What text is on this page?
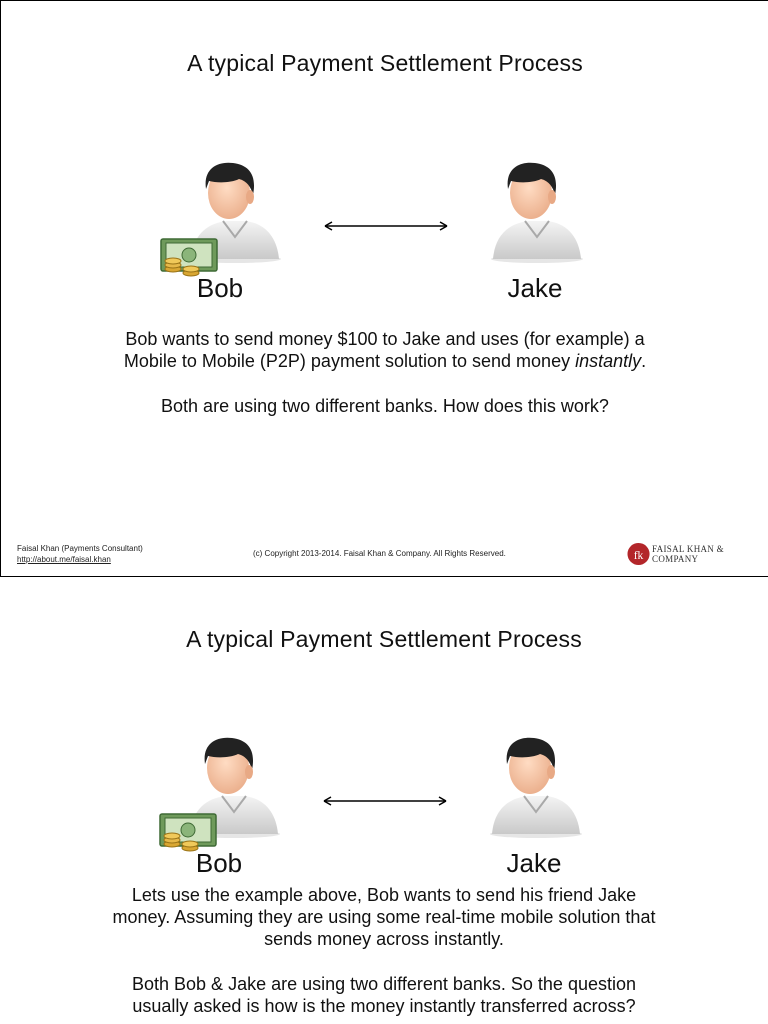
A typical Payment Settlement Process
Bob	Jake

Bob wants to send money $100 to Jake and uses (for example) a

Mobile to Mobile (P2P) payment solution to send money instantly.

Both are using two different banks. How does this work?

Faisal Khan (Payments Consultant)
http://about.me/faisal.khan
(c) Copyright 2013-2014. Faisal Khan & Company. All Rights Reserved.	fk
FAISAL KHAN & COMPANY
A typical Payment Settlement Process
Bob	Jake

Lets use the example above, Bob wants to send his friend Jake

money. Assuming they are using some real-time mobile solution that

sends money across instantly.

Both Bob & Jake are using two different banks. So the question

usually asked is how is the money instantly transferred across?
